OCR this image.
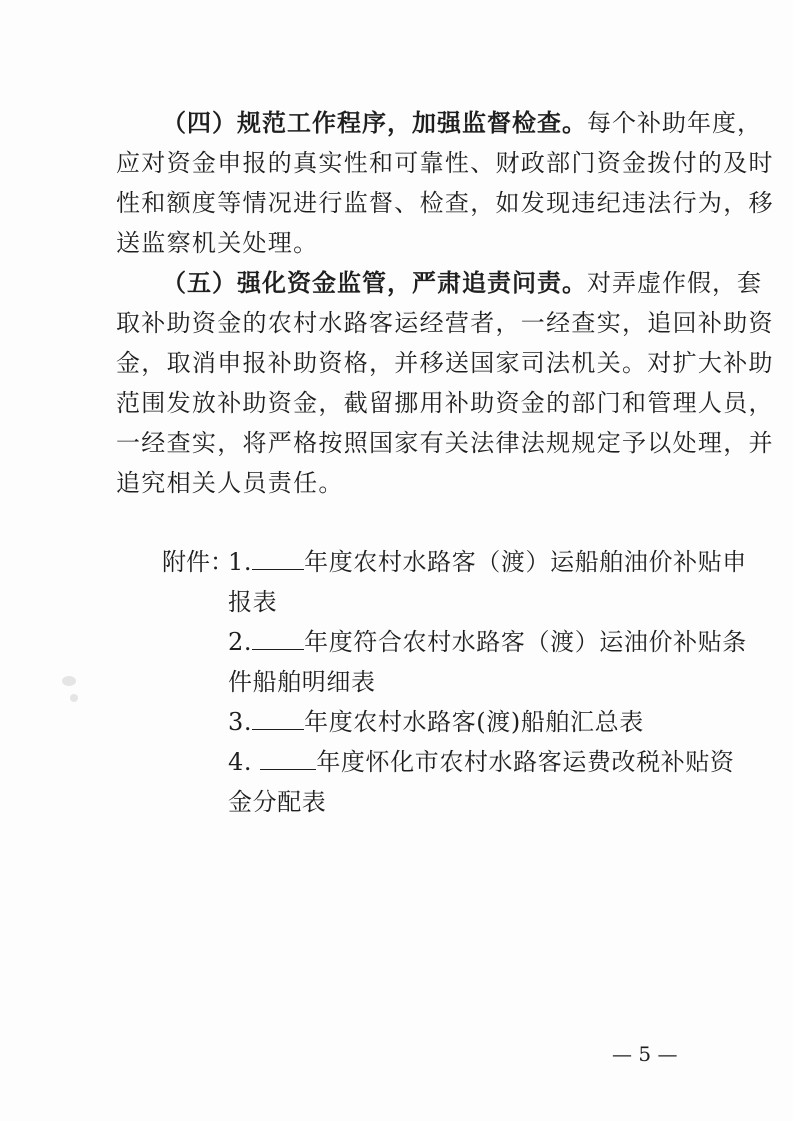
（四）规范工作程序，加强监督检查。每个补助年度，
应对资金申报的真实性和可靠性、财政部门资金拨付的及时
性和额度等情况进行监督、检查，如发现违纪违法行为，移
送监察机关处理。
（五）强化资金监管，严肃追责问责。对弄虚作假，套
取补助资金的农村水路客运经营者，一经查实，追回补助资
金，取消申报补助资格，并移送国家司法机关。对扩大补助
范围发放补助资金，截留挪用补助资金的部门和管理人员，
一经查实，将严格按照国家有关法律法规规定予以处理，并
追究相关人员责任。
附件：
1. 年度农村水路客（渡）运船舶油价补贴申
报表
2. 年度符合农村水路客（渡）运油价补贴条
件船舶明细表
3. 年度农村水路客(渡)船舶汇总表
4. 年度怀化市农村水路客运费改税补贴资
金分配表
— 5 —
